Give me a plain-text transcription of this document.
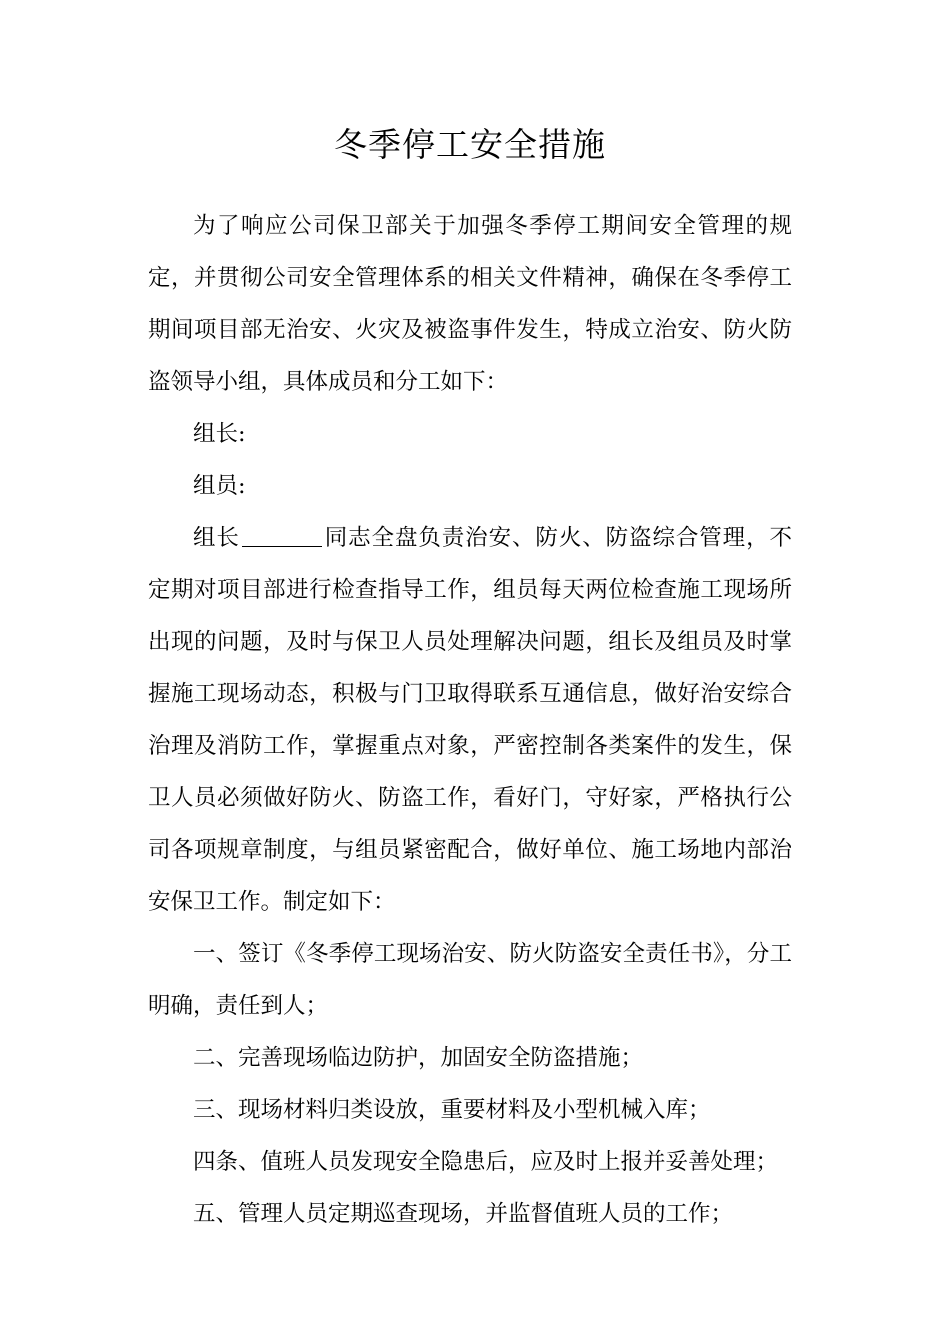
冬季停工安全措施

为了响应公司保卫部关于加强冬季停工期间安全管理的规定，并贯彻公司安全管理体系的相关文件精神，确保在冬季停工期间项目部无治安、火灾及被盗事件发生，特成立治安、防火防盗领导小组，具体成员和分工如下：

组长:

组员:

组长	同志全盘负责治安、防火、防盗综合管理，不定期对项目部进行检查指导工作，组员每天两位检查施工现场所出现的问题，及时与保卫人员处理解决问题，组长及组员及时掌握施工现场动态，积极与门卫取得联系互通信息，做好治安综合治理及消防工作，掌握重点对象，严密控制各类案件的发生，保卫人员必须做好防火、防盗工作，看好门，守好家，严格执行公司各项规章制度，与组员紧密配合，做好单位、施工场地内部治安保卫工作。制定如下：

一、签订《冬季停工现场治安、防火防盗安全责任书》，分工明确，责任到人；

二、完善现场临边防护，加固安全防盗措施；

三、现场材料归类设放，重要材料及小型机械入库；

四条、值班人员发现安全隐患后，应及时上报并妥善处理；

五、管理人员定期巡查现场，并监督值班人员的工作；
